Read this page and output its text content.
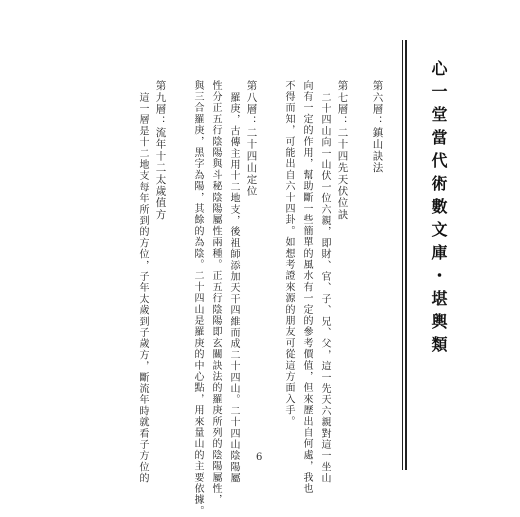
心一堂當代術數文庫・堪輿類
第六層：鎮山訣法
第七層：二十四先天伏位訣
二十四山向一山伏一位六親，即財、官、子、兄、父，這一先天六親對這一坐山
向有一定的作用，幫助斷一些簡單的風水有一定的參考價值，但來歷出自何處，我也
不得而知，可能出自六十四卦。如想考證來源的朋友可從這方面入手。
第八層：二十四山定位
羅庚，古傳主用十二地支，後祖師添加天干四維而成二十四山。二十四山陰陽屬
性分正五行陰陽與斗秘陰陽屬性兩種。正五行陰陽即玄關訣法的羅庚所列的陰陽屬性，
與三合羅庚，黑字為陽，其餘的為陰。二十四山是羅庚的中心點，用來量山的主要依據。
第九層：流年十二太歲值方
這一層是十二地支每年所到的方位，子年太歲到子歲方，斷流年時就看子方位的	6
